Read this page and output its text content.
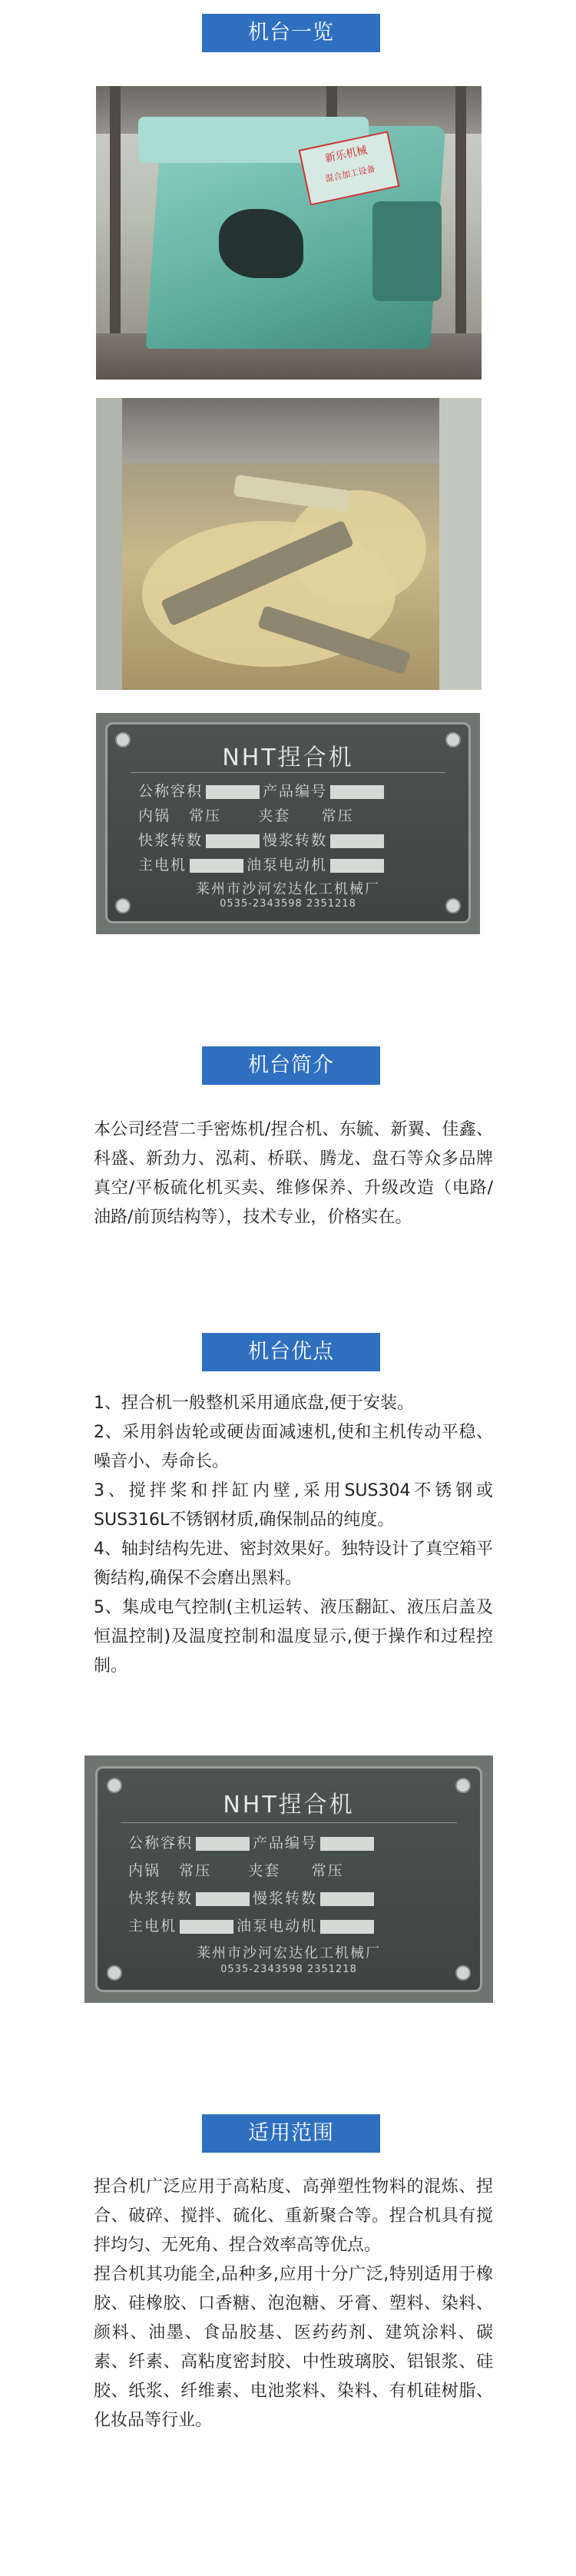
机台一览
新乐机械
混合加工设备
NHT捏合机
公称容积	产品编号
内锅 常压	夹套 常压
快浆转数	慢浆转数
主电机	油泵电动机
莱州市沙河宏达化工机械厂
0535-2343598 2351218
机台简介

本公司经营二手密炼机/捏合机、东毓、新翼、佳鑫、科盛、新劲力、泓莉、桥联、腾龙、盘石等众多品牌真空/平板硫化机买卖、维修保养、升级改造（电路/油路/前顶结构等），技术专业，价格实在。

机台优点

1、捏合机一般整机采用通底盘,便于安装。

2、采用斜齿轮或硬齿面减速机,使和主机传动平稳、噪音小、寿命长。

3、搅拌桨和拌缸内壁,采用SUS304不锈钢或SUS316L不锈钢材质,确保制品的纯度。

4、轴封结构先进、密封效果好。独特设计了真空箱平衡结构,确保不会磨出黑料。

5、集成电气控制(主机运转、液压翻缸、液压启盖及恒温控制)及温度控制和温度显示,便于操作和过程控制。

NHT捏合机
公称容积	产品编号
内锅 常压	夹套 常压
快浆转数	慢浆转数
主电机	油泵电动机
莱州市沙河宏达化工机械厂
0535-2343598 2351218
适用范围

捏合机广泛应用于高粘度、高弹塑性物料的混炼、捏合、破碎、搅拌、硫化、重新聚合等。捏合机具有搅拌均匀、无死角、捏合效率高等优点。

捏合机其功能全,品种多,应用十分广泛,特别适用于橡胶、硅橡胶、口香糖、泡泡糖、牙膏、塑料、染料、颜料、油墨、食品胶基、医药药剂、建筑涂料、碳素、纤素、高粘度密封胶、中性玻璃胶、铝银浆、硅胶、纸浆、纤维素、电池浆料、染料、有机硅树脂、化妆品等行业。
